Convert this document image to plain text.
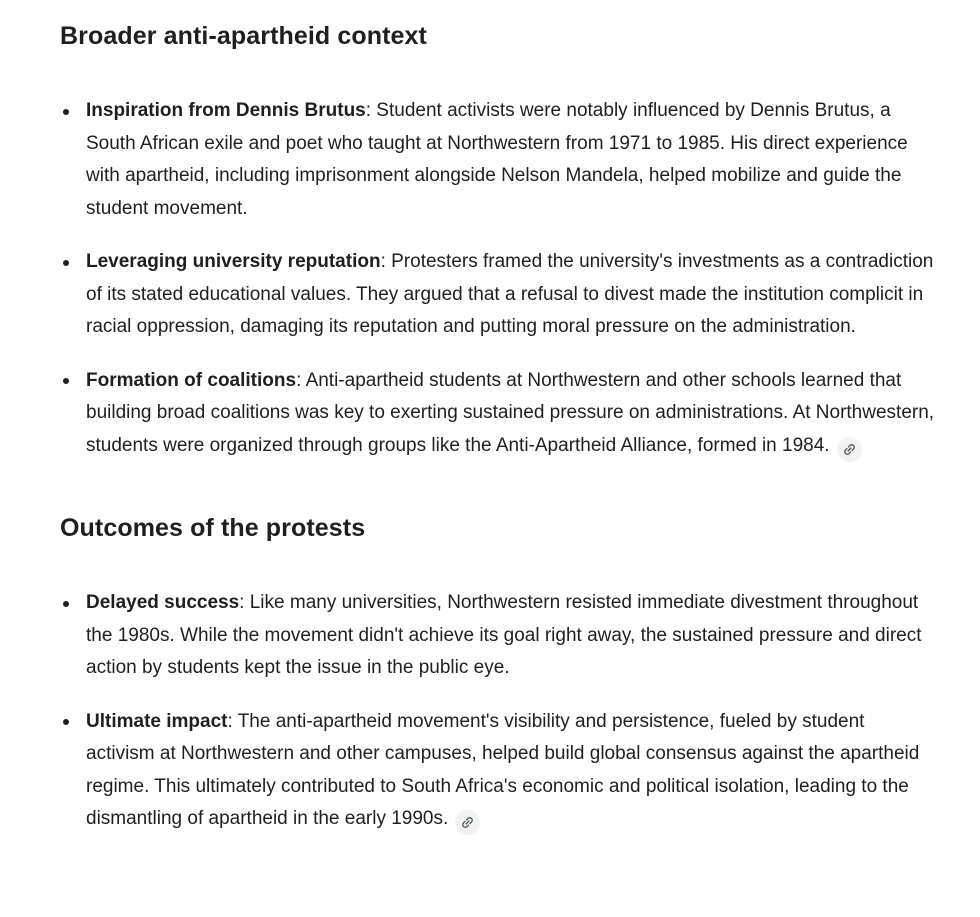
Broader anti-apartheid context
Inspiration from Dennis Brutus: Student activists were notably influenced by Dennis Brutus, a South African exile and poet who taught at Northwestern from 1971 to 1985. His direct experience with apartheid, including imprisonment alongside Nelson Mandela, helped mobilize and guide the student movement.
Leveraging university reputation: Protesters framed the university's investments as a contradiction of its stated educational values. They argued that a refusal to divest made the institution complicit in racial oppression, damaging its reputation and putting moral pressure on the administration.
Formation of coalitions: Anti-apartheid students at Northwestern and other schools learned that building broad coalitions was key to exerting sustained pressure on administrations. At Northwestern, students were organized through groups like the Anti-Apartheid Alliance, formed in 1984.
Outcomes of the protests
Delayed success: Like many universities, Northwestern resisted immediate divestment throughout the 1980s. While the movement didn't achieve its goal right away, the sustained pressure and direct action by students kept the issue in the public eye.
Ultimate impact: The anti-apartheid movement's visibility and persistence, fueled by student activism at Northwestern and other campuses, helped build global consensus against the apartheid regime. This ultimately contributed to South Africa's economic and political isolation, leading to the dismantling of apartheid in the early 1990s.
